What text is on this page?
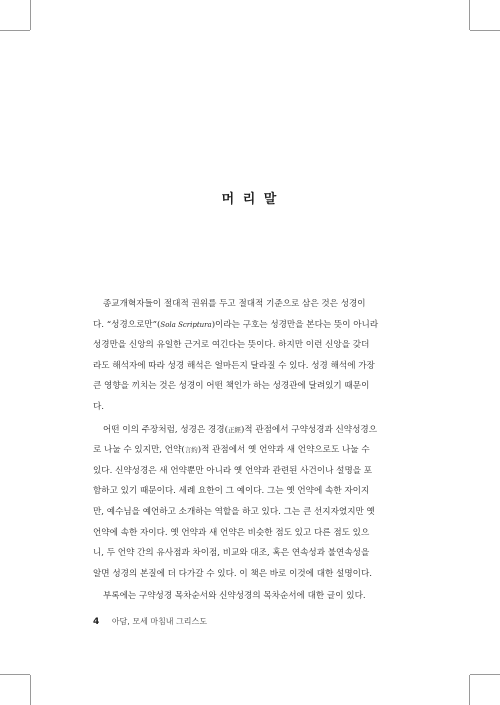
머 리 말

종교개혁자들이 절대적 권위를 두고 절대적 기준으로 삼은 것은 성경이
다. “성경으로만”(Sola Scriptura)이라는 구호는 성경만을 본다는 뜻이 아니라
성경만을 신앙의 유일한 근거로 여긴다는 뜻이다. 하지만 이런 신앙을 갖더
라도 해석자에 따라 성경 해석은 얼마든지 달라질 수 있다. 성경 해석에 가장
큰 영향을 끼치는 것은 성경이 어떤 책인가 하는 성경관에 달려있기 때문이
다.

어떤 이의 주장처럼, 성경은 경경(正經)적 관점에서 구약성경과 신약성경으
로 나눌 수 있지만, 언약(言約)적 관점에서 옛 언약과 새 언약으로도 나눌 수
있다. 신약성경은 새 언약뿐만 아니라 옛 언약과 관련된 사건이나 설명을 포
함하고 있기 때문이다. 세례 요한이 그 예이다. 그는 옛 언약에 속한 자이지
만, 예수님을 예언하고 소개하는 역할을 하고 있다. 그는 큰 선지자였지만 옛
언약에 속한 자이다. 옛 언약과 새 언약은 비슷한 점도 있고 다른 점도 있으
니, 두 언약 간의 유사점과 차이점, 비교와 대조, 혹은 연속성과 불연속성을
알면 성경의 본질에 더 다가갈 수 있다. 이 책은 바로 이것에 대한 설명이다.

부록에는 구약성경 목차순서와 신약성경의 목차순서에 대한 글이 있다.

4 아담, 모세 마침내 그리스도
